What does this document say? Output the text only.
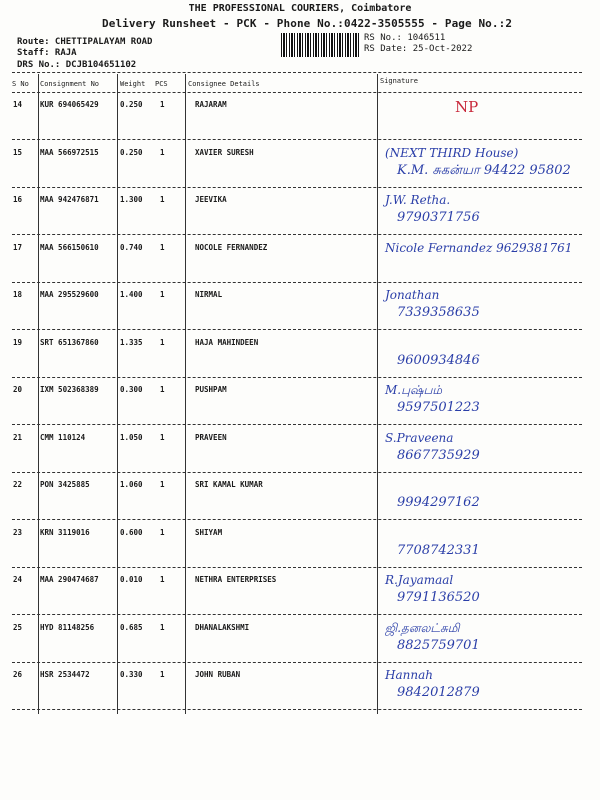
THE PROFESSIONAL COURIERS, Coimbatore
Delivery Runsheet - PCK - Phone No.:0422-3505555 - Page No.:2
Route: CHETTIPALAYAM ROAD
Staff: RAJA
DRS No.: DCJB104651102
RS No.: 1046511
RS Date: 25-Oct-2022
S No Consignment No	Weight PCS	Consignee Details	Signature
14 KUR 694065429	0.250 1	RAJARAM	NP
15 MAA 566972515	0.250 1	XAVIER SURESH	(NEXT THIRD House)
K.M. சுகன்யா 94422 95802
16 MAA 942476871	1.300 1	JEEVIKA	J.W. Retha.
9790371756
17 MAA 566150610	0.740 1	NOCOLE FERNANDEZ	Nicole Fernandez 9629381761
18 MAA 295529600	1.400 1	NIRMAL	Jonathan
7339358635
19 SRT 651367860	1.335 1	HAJA MAHINDEEN
9600934846
20 IXM 502368389	0.300 1	PUSHPAM	M.புஷ்பம்
9597501223
21 CMM 110124	1.050 1	PRAVEEN	S.Praveena
8667735929
22 PON 3425885	1.060 1	SRI KAMAL KUMAR
9994297162
23 KRN 3119016	0.600 1	SHIYAM
7708742331
24 MAA 290474687	0.010 1	NETHRA ENTERPRISES	R.Jayamaal
9791136520
25 HYD 81148256	0.685 1	DHANALAKSHMI	ஜி.தனலட்சுமி
8825759701
26 HSR 2534472	0.330 1	JOHN RUBAN	Hannah
9842012879
